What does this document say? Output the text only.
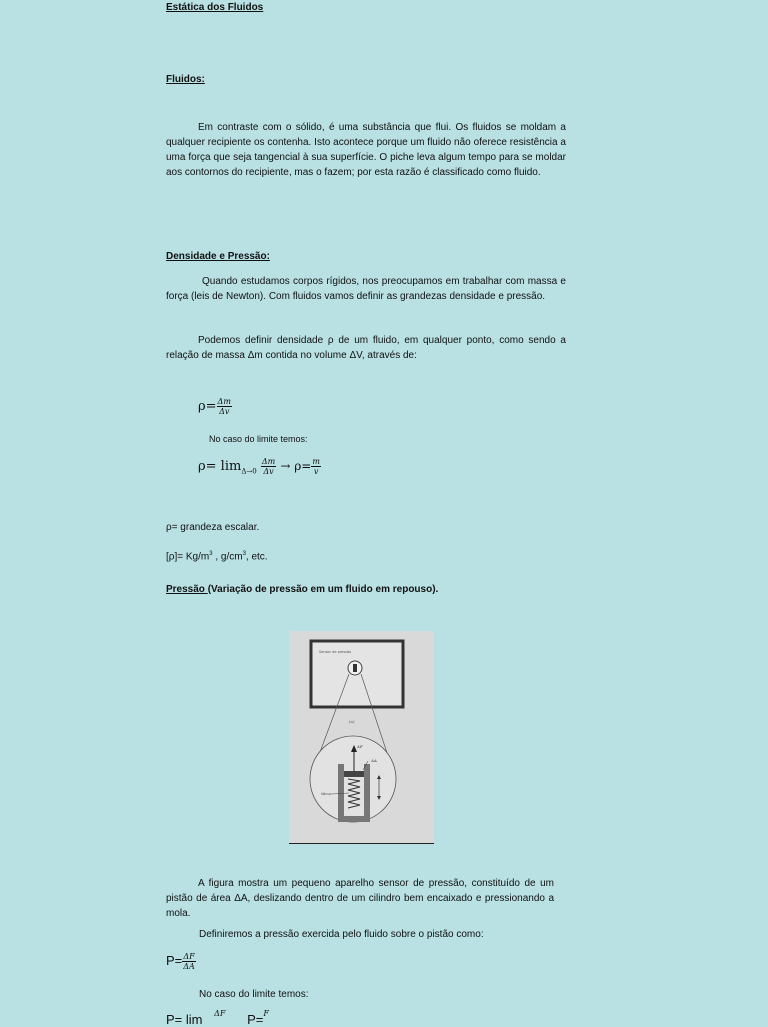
Estática dos Fluidos
Fluidos:
Em contraste com o sólido, é uma substância que flui. Os fluidos se moldam a qualquer recipiente os contenha. Isto acontece porque um fluido não oferece resistência a uma força que seja tangencial à sua superfície. O piche leva algum tempo para se moldar aos contornos do recipiente, mas o fazem; por esta razão é classificado como fluido.
Densidade e Pressão:
Quando estudamos corpos rígidos, nos preocupamos em trabalhar com massa e força (leis de Newton). Com fluidos vamos definir as grandezas densidade e pressão.
Podemos definir densidade ρ de um fluido, em qualquer ponto, como sendo a relação de massa Δm contida no volume ΔV, através de:
$\rho= \frac{\Delta m}{\Delta v}$
No caso do limite temos:
$\rho= \lim_{\Delta\to 0} \frac{\Delta m}{\Delta v} \to \rho= \frac{m}{v}$
ρ= grandeza escalar.
$[\rho]= Kg/m^3$ , $g/cm^3$, etc.
Pressão (Variação de pressão em um fluido em repouso).
Sensor de pressão
(a)
ΔF
ΔA
Vácuo
A figura mostra um pequeno aparelho sensor de pressão, constituído de um pistão de área ΔA, deslizando dentro de um cilindro bem encaixado e pressionando a mola.
Definiremos a pressão exercida pelo fluido sobre o pistão como:
$P= \frac{\Delta F}{\Delta A}$
No caso do limite temos:
P= lim $^{\Delta F}$ P=$^F$
